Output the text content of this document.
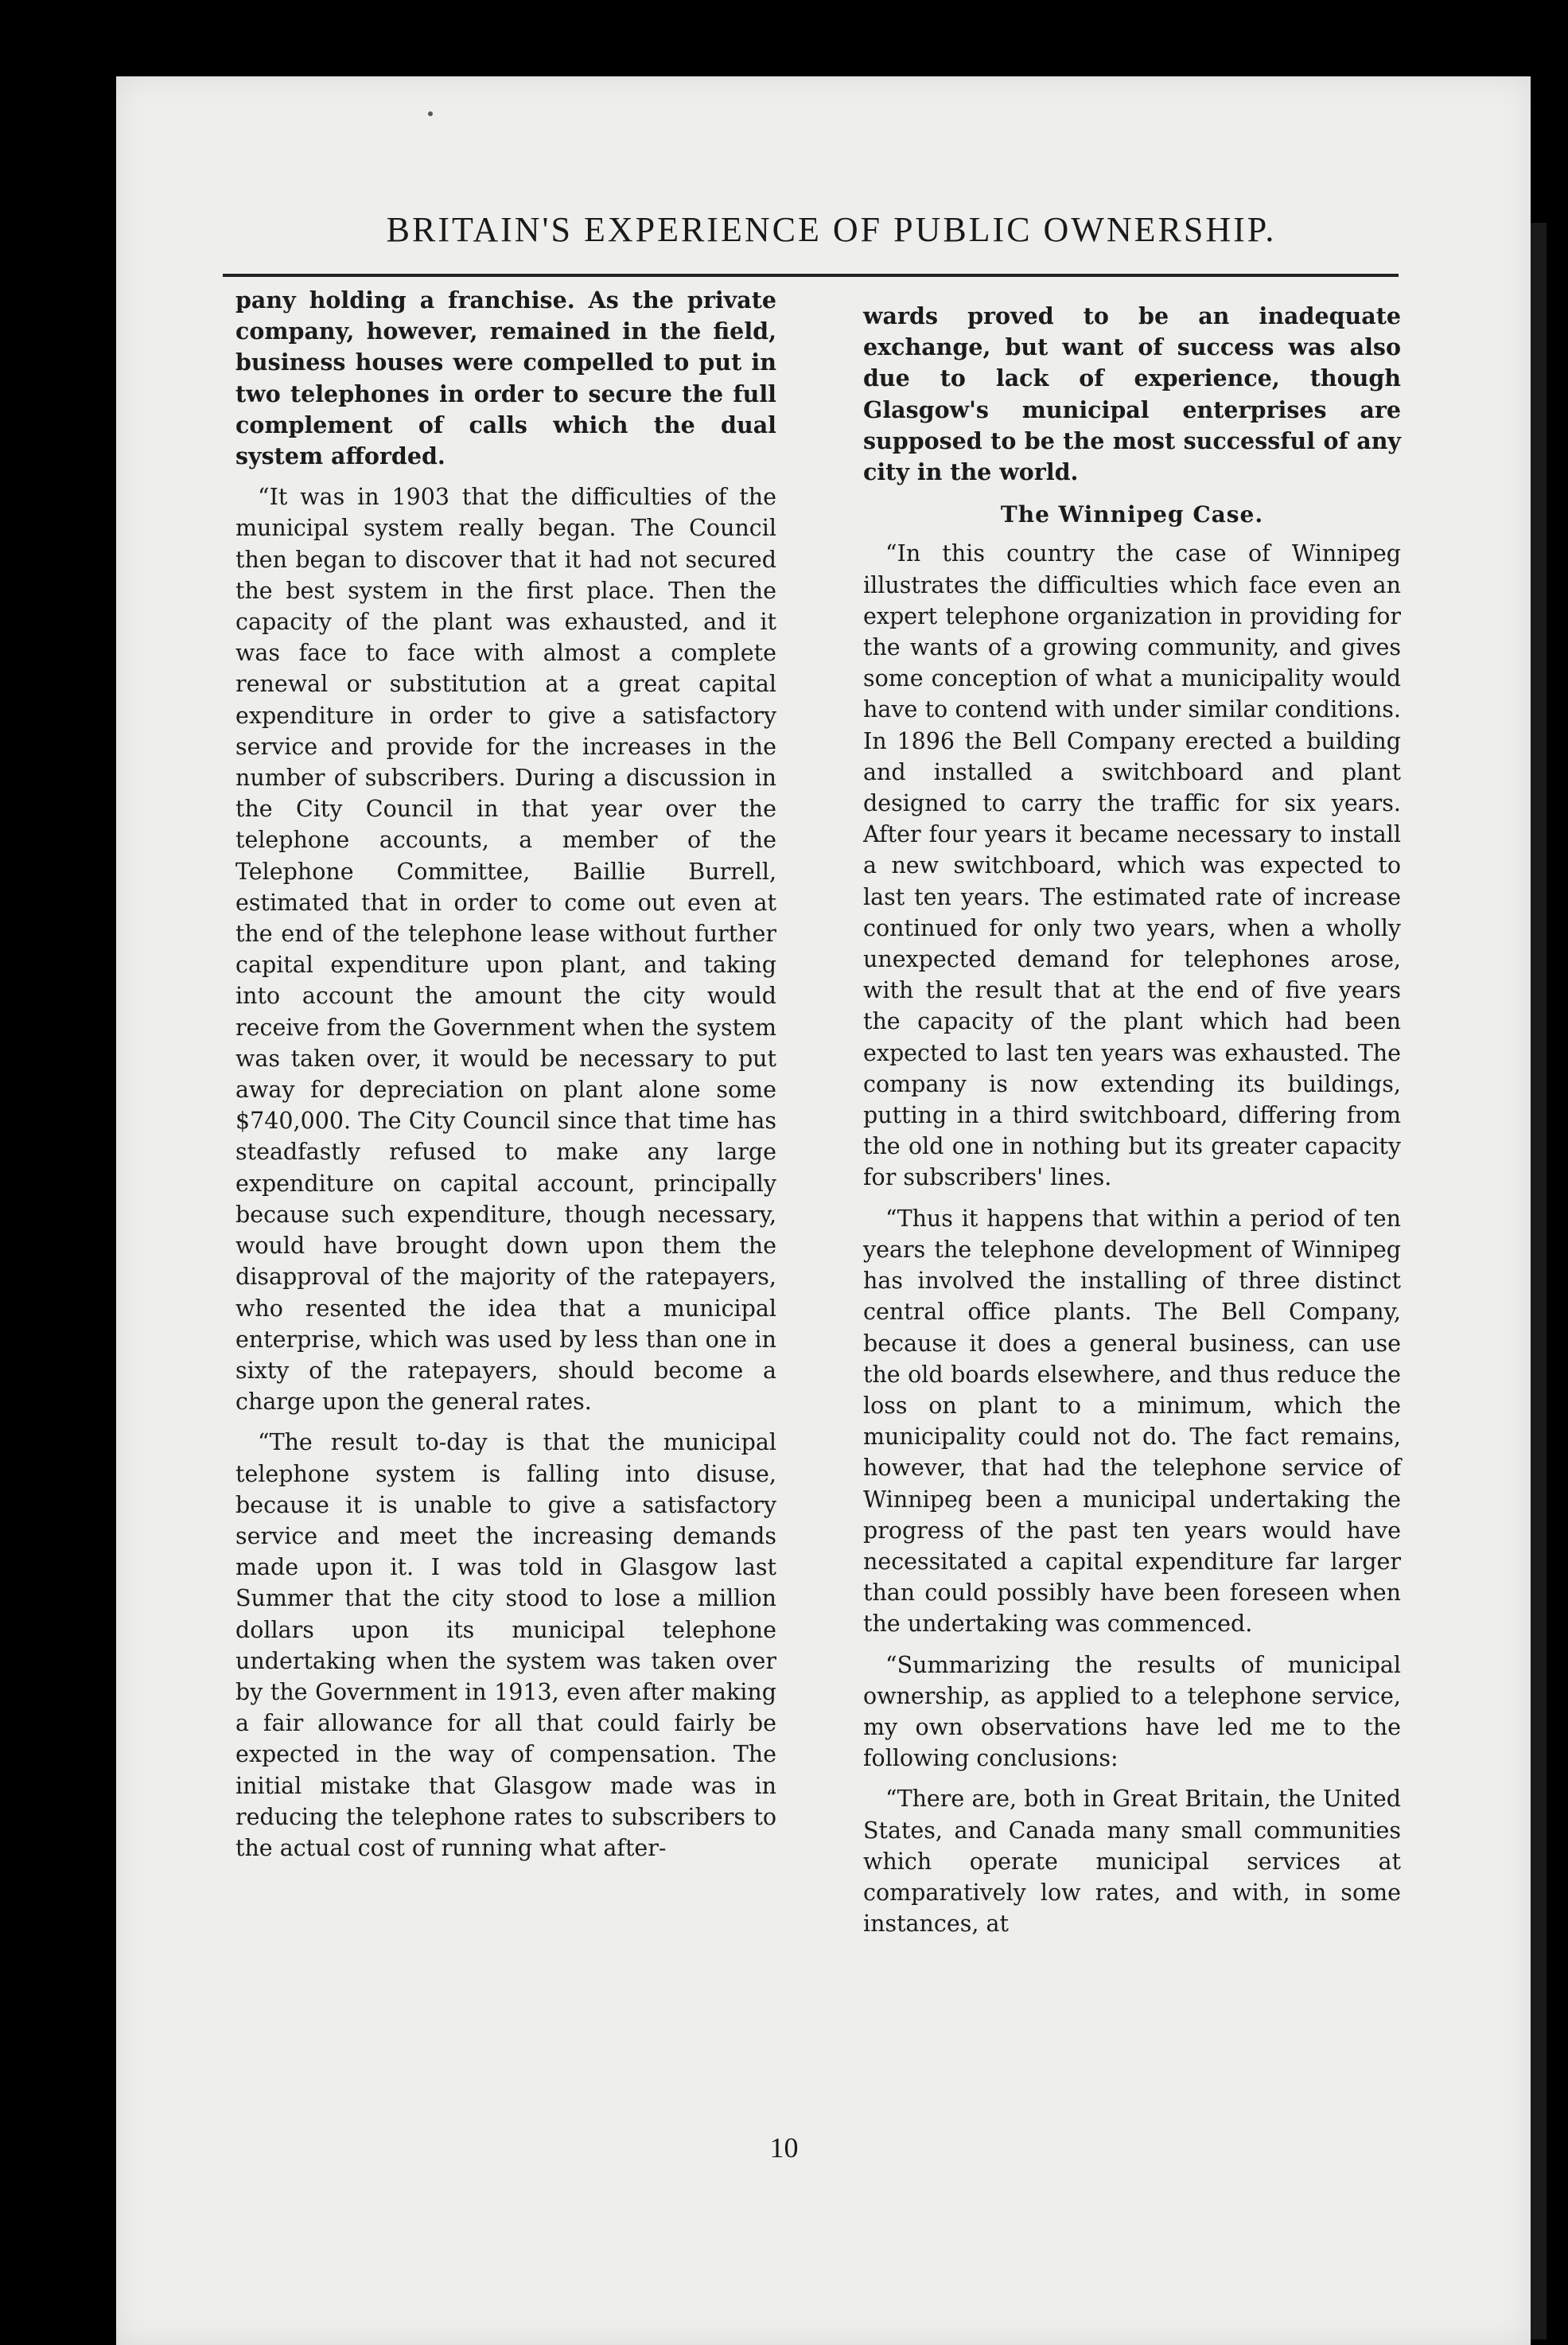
BRITAIN'S EXPERIENCE OF PUBLIC OWNERSHIP.

pany holding a franchise. As the private company, however, remained in the field, business houses were compelled to put in two telephones in order to secure the full complement of calls which the dual system afforded.

“It was in 1903 that the difficulties of the municipal system really began. The Council then began to discover that it had not secured the best system in the first place. Then the capacity of the plant was exhausted, and it was face to face with almost a complete renewal or substitution at a great capital expenditure in order to give a satisfactory service and provide for the increases in the number of subscribers. During a discussion in the City Council in that year over the telephone accounts, a member of the Telephone Committee, Baillie Burrell, estimated that in order to come out even at the end of the telephone lease without further capital expenditure upon plant, and taking into account the amount the city would receive from the Government when the system was taken over, it would be necessary to put away for depreciation on plant alone some $740,000. The City Council since that time has steadfastly refused to make any large expenditure on capital account, principally because such expenditure, though necessary, would have brought down upon them the disapproval of the majority of the ratepayers, who resented the idea that a municipal enterprise, which was used by less than one in sixty of the ratepayers, should become a charge upon the general rates.

“The result to-day is that the municipal telephone system is falling into disuse, because it is unable to give a satisfactory service and meet the increasing demands made upon it. I was told in Glasgow last Summer that the city stood to lose a million dollars upon its municipal telephone undertaking when the system was taken over by the Government in 1913, even after making a fair allowance for all that could fairly be expected in the way of compensation. The initial mistake that Glasgow made was in reducing the telephone rates to subscribers to the actual cost of running what after-

wards proved to be an inadequate exchange, but want of success was also due to lack of experience, though Glasgow's municipal enterprises are supposed to be the most successful of any city in the world.

The Winnipeg Case.

“In this country the case of Winnipeg illustrates the difficulties which face even an expert telephone organization in providing for the wants of a growing community, and gives some conception of what a municipality would have to contend with under similar conditions. In 1896 the Bell Company erected a building and installed a switchboard and plant designed to carry the traffic for six years. After four years it became necessary to install a new switchboard, which was expected to last ten years. The estimated rate of increase continued for only two years, when a wholly unexpected demand for telephones arose, with the result that at the end of five years the capacity of the plant which had been expected to last ten years was exhausted. The company is now extending its buildings, putting in a third switchboard, differing from the old one in nothing but its greater capacity for subscribers' lines.

“Thus it happens that within a period of ten years the telephone development of Winnipeg has involved the installing of three distinct central office plants. The Bell Company, because it does a general business, can use the old boards elsewhere, and thus reduce the loss on plant to a minimum, which the municipality could not do. The fact remains, however, that had the telephone service of Winnipeg been a municipal undertaking the progress of the past ten years would have necessitated a capital expenditure far larger than could possibly have been foreseen when the undertaking was commenced.

“Summarizing the results of municipal ownership, as applied to a telephone service, my own observations have led me to the following conclusions:

“There are, both in Great Britain, the United States, and Canada many small communities which operate municipal services at comparatively low rates, and with, in some instances, at

10
